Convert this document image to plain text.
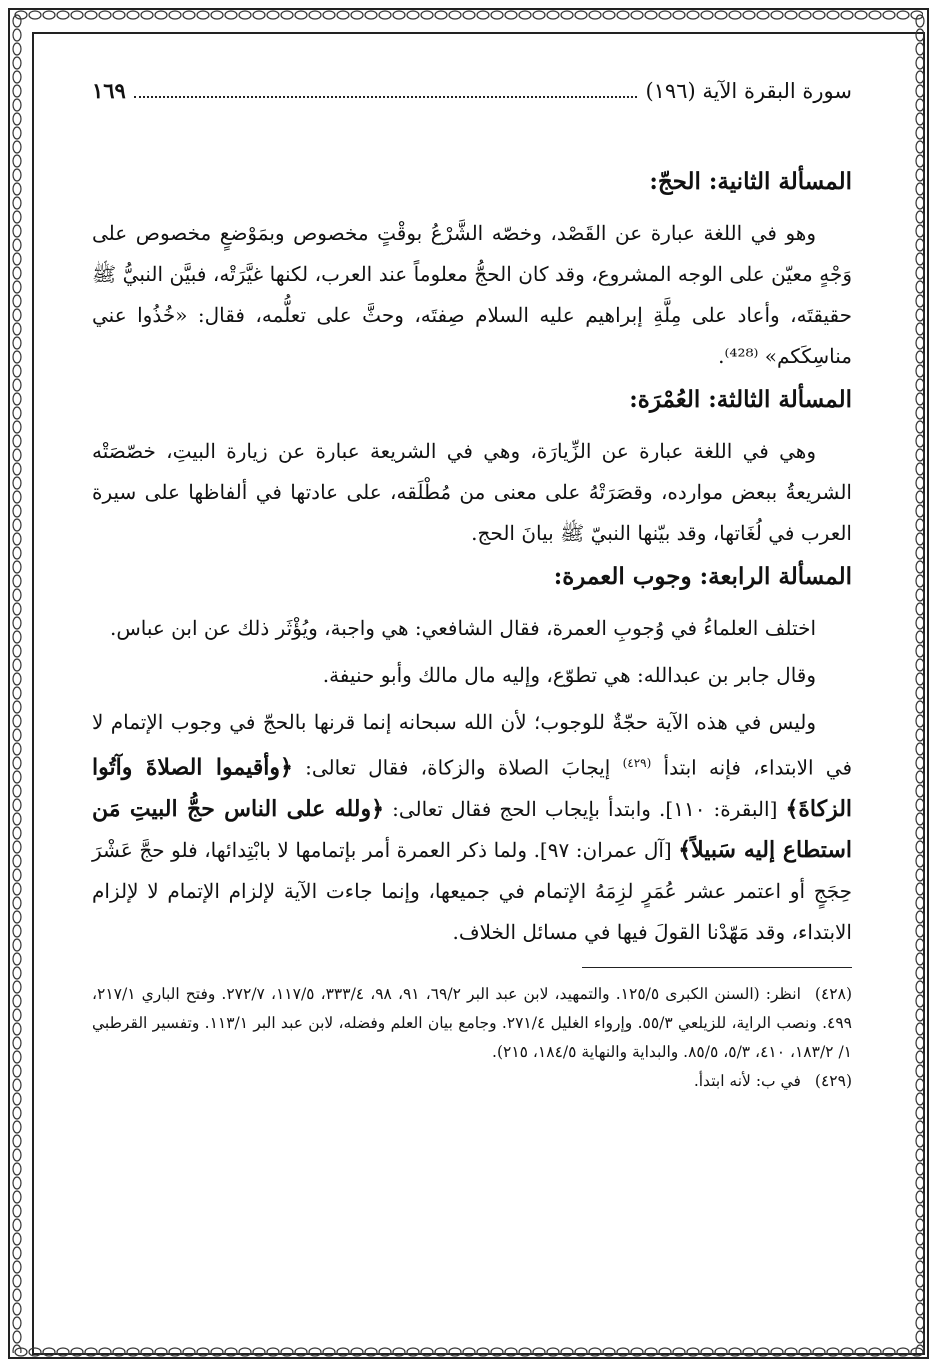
سورة البقرة الآية (١٩٦)
١٦٩
المسألة الثانية: الحجّ:

وهو في اللغة عبارة عن القَصْد، وخصّه الشَّرْعُ بوقْتٍ مخصوص وبمَوْضعٍ مخصوص على وَجْهٍ معيّن على الوجه المشروع، وقد كان الحجُّ معلوماً عند العرب، لكنها غيَّرَتْه، فبيَّن النبيُّ ﷺ حقيقتَه، وأعاد على مِلَّةِ إبراهيم عليه السلام صِفتَه، وحثَّ على تعلُّمه، فقال: «خُذُوا عني مناسِكَكم» ⁽⁴²⁸⁾.

المسألة الثالثة: العُمْرَة:

وهي في اللغة عبارة عن الزِّيارَة، وهي في الشريعة عبارة عن زيارة البيتِ، خصّصَتْه الشريعةُ ببعض موارده، وقصَرَتْهُ على معنى من مُطْلَقه، على عادتها في ألفاظها على سيرة العرب في لُغَاتها، وقد بيّنها النبيّ ﷺ بيانَ الحج.

المسألة الرابعة: وجوب العمرة:

اختلف العلماءُ في وُجوبِ العمرة، فقال الشافعي: هي واجبة، ويُؤْثَر ذلك عن ابن عباس.

وقال جابر بن عبدالله: هي تطوّع، وإليه مال مالك وأبو حنيفة.

وليس في هذه الآية حجّةٌ للوجوب؛ لأن الله سبحانه إنما قرنها بالحجّ في وجوب الإتمام لا في الابتداء، فإنه ابتدأ $^{(٤٢٩)}$ إيجابَ الصلاة والزكاة، فقال تعالى: ﴿وأقيموا الصلاةَ وآتُوا الزكاةَ﴾ [البقرة: ١١٠]. وابتدأ بإيجاب الحج فقال تعالى: ﴿ولله على الناس حجُّ البيتِ مَن استطاع إليه سَبيلاً﴾ [آل عمران: ٩٧]. ولما ذكر العمرة أمر بإتمامها لا بابْتِدائها، فلو حجَّ عَشْرَ حِجَجٍ أو اعتمر عشر عُمَرٍ لزِمَهُ الإتمام في جميعها، وإنما جاءت الآية لإلزام الإتمام لا لإلزام الابتداء، وقد مَهّدْنا القولَ فيها في مسائل الخلاف.

(٤٢٨)انظر: (السنن الكبرى ١٢٥/٥. والتمهيد، لابن عبد البر ٦٩/٢، ٩١، ٩٨، ٣٣٣/٤، ١١٧/٥، ٢٧٢/٧. وفتح الباري ٢١٧/١، ٤٩٩. ونصب الراية، للزيلعي ٥٥/٣. وإرواء الغليل ٢٧١/٤. وجامع بيان العلم وفضله، لابن عبد البر ١١٣/١. وتفسير القرطبي ١/ ١٨٣/٢، ٤١٠، ٥/٣، ٨٥/٥. والبداية والنهاية ١٨٤/٥، ٢١٥).

(٤٢٩)في ب: لأنه ابتدأ.
